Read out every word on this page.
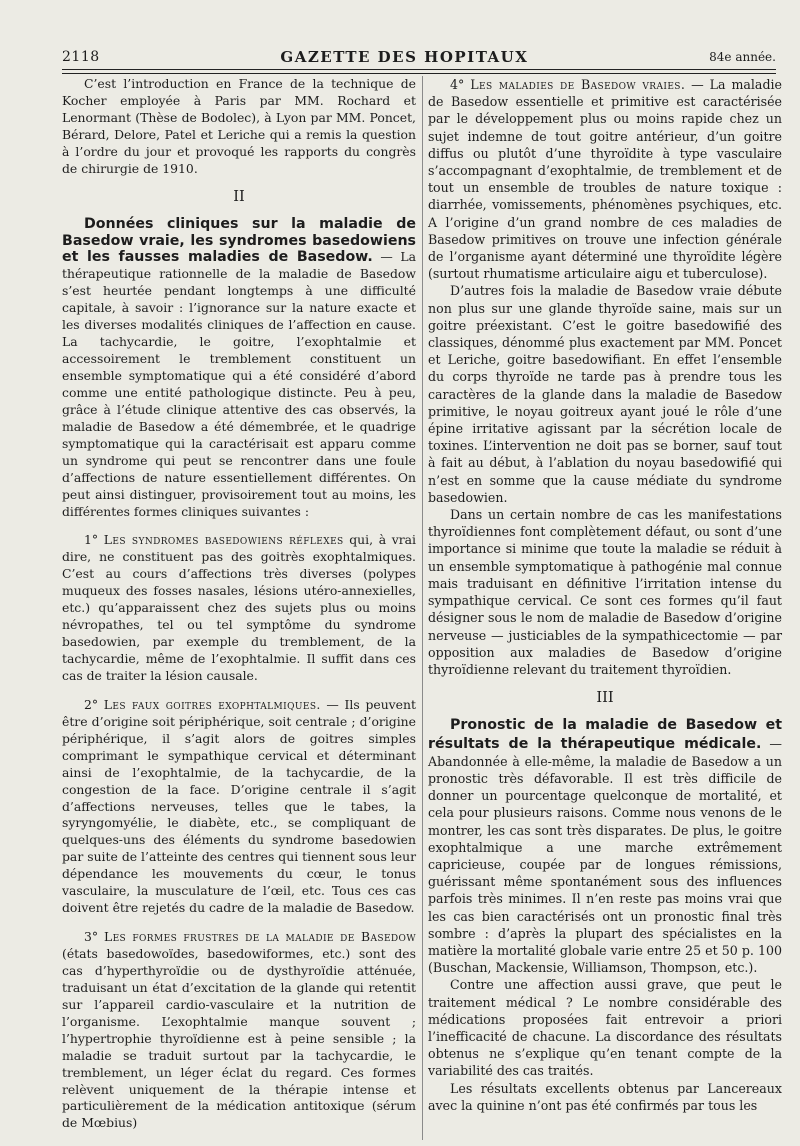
2118	GAZETTE DES HOPITAUX	84e année.

C’est l’introduction en France de la technique de Kocher employée à Paris par MM. Rochard et Lenormant (Thèse de Bodolec), à Lyon par MM. Poncet, Bérard, Delore, Patel et Leriche qui a remis la question à l’ordre du jour et provoqué les rapports du congrès de chirurgie de 1910.

II

Données cliniques sur la maladie de Basedow vraie, les syndromes basedowiens et les fausses maladies de Basedow. — La thérapeutique rationnelle de la maladie de Basedow s’est heurtée pendant longtemps à une difficulté capitale, à savoir : l’ignorance sur la nature exacte et les diverses modalités cliniques de l’affection en cause. La tachycardie, le goitre, l’exophtalmie et accessoirement le tremblement constituent un ensemble symptomatique qui a été considéré d’abord comme une entité pathologique distincte. Peu à peu, grâce à l’étude clinique attentive des cas observés, la maladie de Basedow a été démembrée, et le quadrige symptomatique qui la caractérisait est apparu comme un syndrome qui peut se rencontrer dans une foule d’affections de nature essentiellement différentes. On peut ainsi distinguer, provisoirement tout au moins, les différentes formes cliniques suivantes :

1° Les syndromes basedowiens réflexes qui, à vrai dire, ne constituent pas des goitrès exophtalmiques. C’est au cours d’affections très diverses (polypes muqueux des fosses nasales, lésions utéro-annexielles, etc.) qu’apparaissent chez des sujets plus ou moins névropathes, tel ou tel symptôme du syndrome basedowien, par exemple du tremblement, de la tachycardie, même de l’exophtalmie. Il suffit dans ces cas de traiter la lésion causale.

2° Les faux goitres exophtalmiques. — Ils peuvent être d’origine soit périphérique, soit centrale ; d’origine périphérique, il s’agit alors de goitres simples comprimant le sympathique cervical et déterminant ainsi de l’exophtalmie, de la tachycardie, de la congestion de la face. D’origine centrale il s’agit d’affections nerveuses, telles que le tabes, la syryngomyélie, le diabète, etc., se compliquant de quelques-uns des éléments du syndrome basedowien par suite de l’atteinte des centres qui tiennent sous leur dépendance les mouvements du cœur, le tonus vasculaire, la musculature de l’œil, etc. Tous ces cas doivent être rejetés du cadre de la maladie de Basedow.

3° Les formes frustres de la maladie de Basedow (états basedowoïdes, basedowiformes, etc.) sont des cas d’hyperthyroïdie ou de dysthyroïdie atténuée, traduisant un état d’excitation de la glande qui retentit sur l’appareil cardio-vasculaire et la nutrition de l’organisme. L’exophtalmie manque souvent ; l’hypertrophie thyroïdienne est à peine sensible ; la maladie se traduit surtout par la tachycardie, le tremblement, un léger éclat du regard. Ces formes relèvent uniquement de la thérapie intense et particulièrement de la médication antitoxique (sérum de Mœbius)

4° Les maladies de Basedow vraies. — La maladie de Basedow essentielle et primitive est caractérisée par le développement plus ou moins rapide chez un sujet indemne de tout goitre antérieur, d’un goitre diffus ou plutôt d’une thyroïdite à type vasculaire s’accompagnant d’exophtalmie, de tremblement et de tout un ensemble de troubles de nature toxique : diarrhée, vomissements, phénomènes psychiques, etc. A l’origine d’un grand nombre de ces maladies de Basedow primitives on trouve une infection générale de l’organisme ayant déterminé une thyroïdite légère (surtout rhumatisme articulaire aigu et tuberculose).

D’autres fois la maladie de Basedow vraie débute non plus sur une glande thyroïde saine, mais sur un goitre préexistant. C’est le goitre basedowifié des classiques, dénommé plus exactement par MM. Poncet et Leriche, goitre basedowifiant. En effet l’ensemble du corps thyroïde ne tarde pas à prendre tous les caractères de la glande dans la maladie de Basedow primitive, le noyau goitreux ayant joué le rôle d’une épine irritative agissant par la sécrétion locale de toxines. L’intervention ne doit pas se borner, sauf tout à fait au début, à l’ablation du noyau basedowifié qui n’est en somme que la cause médiate du syndrome basedowien.

Dans un certain nombre de cas les manifestations thyroïdiennes font complètement défaut, ou sont d’une importance si minime que toute la maladie se réduit à un ensemble symptomatique à pathogénie mal connue mais traduisant en définitive l’irritation intense du sympathique cervical. Ce sont ces formes qu’il faut désigner sous le nom de maladie de Basedow d’origine nerveuse — justiciables de la sympathicectomie — par opposition aux maladies de Basedow d’origine thyroïdienne relevant du traitement thyroïdien.

III

Pronostic de la maladie de Basedow et résultats de la thérapeutique médicale. — Abandonnée à elle-même, la maladie de Basedow a un pronostic très défavorable. Il est très difficile de donner un pourcentage quelconque de mortalité, et cela pour plusieurs raisons. Comme nous venons de le montrer, les cas sont très disparates. De plus, le goitre exophtalmique a une marche extrêmement capricieuse, coupée par de longues rémissions, guérissant même spontanément sous des influences parfois très minimes. Il n’en reste pas moins vrai que les cas bien caractérisés ont un pronostic final très sombre : d’après la plupart des spécialistes en la matière la mortalité globale varie entre 25 et 50 p. 100 (Buschan, Mackensie, Williamson, Thompson, etc.).

Contre une affection aussi grave, que peut le traitement médical ? Le nombre considérable des médications proposées fait entrevoir a priori l’inefficacité de chacune. La discordance des résultats obtenus ne s’explique qu’en tenant compte de la variabilité des cas traités.

Les résultats excellents obtenus par Lancereaux avec la quinine n’ont pas été confirmés par tous les
